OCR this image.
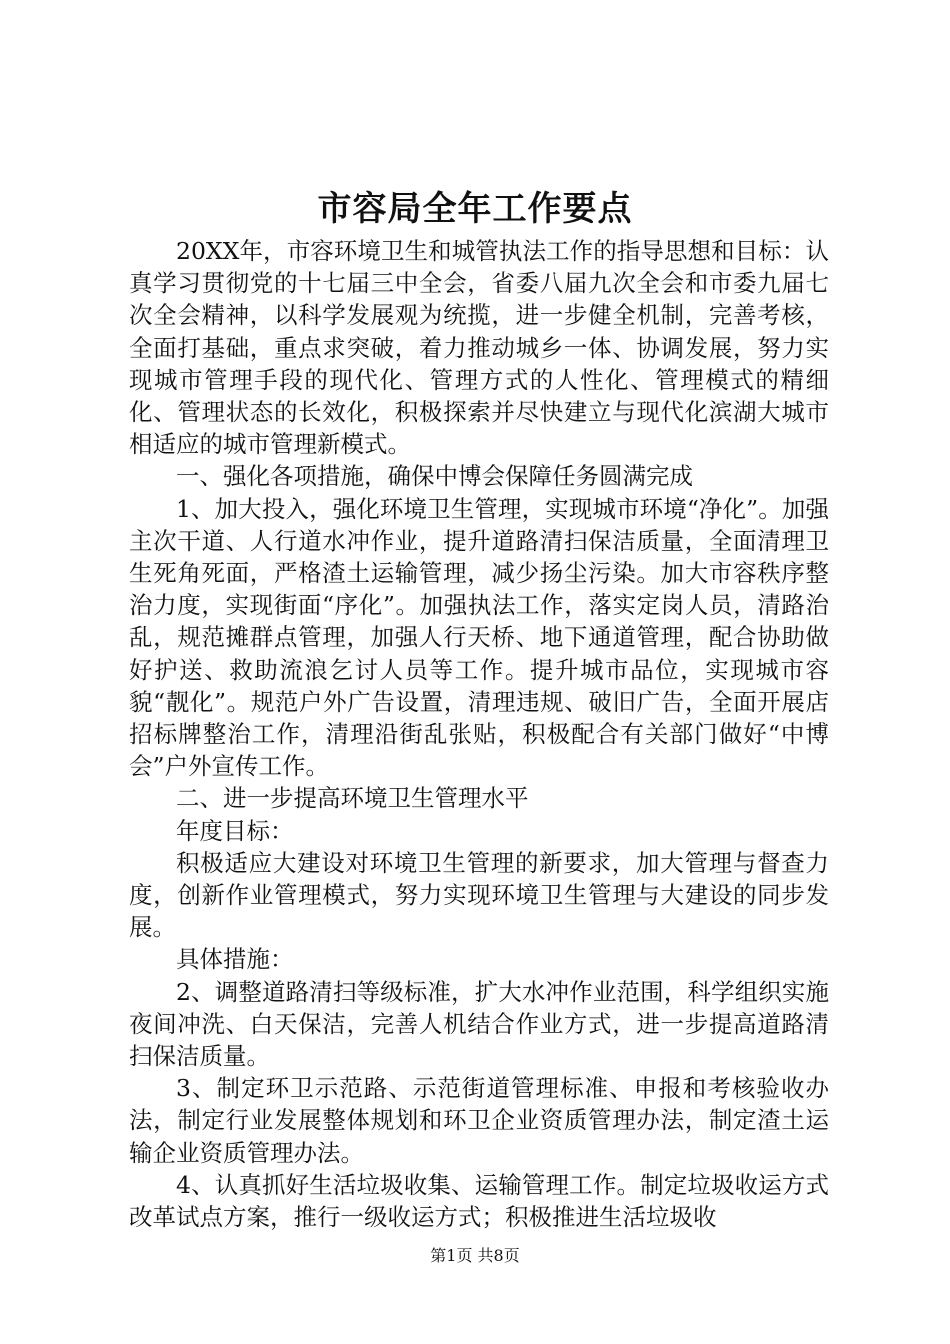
市容局全年工作要点

20XX年，市容环境卫生和城管执法工作的指导思想和目标：认真学习贯彻党的十七届三中全会，省委八届九次全会和市委九届七次全会精神，以科学发展观为统揽，进一步健全机制，完善考核，全面打基础，重点求突破，着力推动城乡一体、协调发展，努力实现城市管理手段的现代化、管理方式的人性化、管理模式的精细化、管理状态的长效化，积极探索并尽快建立与现代化滨湖大城市相适应的城市管理新模式。

一、强化各项措施，确保中博会保障任务圆满完成

1、加大投入，强化环境卫生管理，实现城市环境“净化”。加强主次干道、人行道水冲作业，提升道路清扫保洁质量，全面清理卫生死角死面，严格渣土运输管理，减少扬尘污染。加大市容秩序整治力度，实现街面“序化”。加强执法工作，落实定岗人员，清路治乱，规范摊群点管理，加强人行天桥、地下通道管理，配合协助做好护送、救助流浪乞讨人员等工作。提升城市品位，实现城市容貌“靓化”。规范户外广告设置，清理违规、破旧广告，全面开展店招标牌整治工作，清理沿街乱张贴，积极配合有关部门做好“中博会”户外宣传工作。

二、进一步提高环境卫生管理水平

年度目标：

积极适应大建设对环境卫生管理的新要求，加大管理与督查力度，创新作业管理模式，努力实现环境卫生管理与大建设的同步发展。

具体措施：

2、调整道路清扫等级标准，扩大水冲作业范围，科学组织实施夜间冲洗、白天保洁，完善人机结合作业方式，进一步提高道路清扫保洁质量。

3、制定环卫示范路、示范街道管理标准、申报和考核验收办法，制定行业发展整体规划和环卫企业资质管理办法，制定渣土运输企业资质管理办法。

4、认真抓好生活垃圾收集、运输管理工作。制定垃圾收运方式改革试点方案，推行一级收运方式；积极推进生活垃圾收

第1页 共8页
